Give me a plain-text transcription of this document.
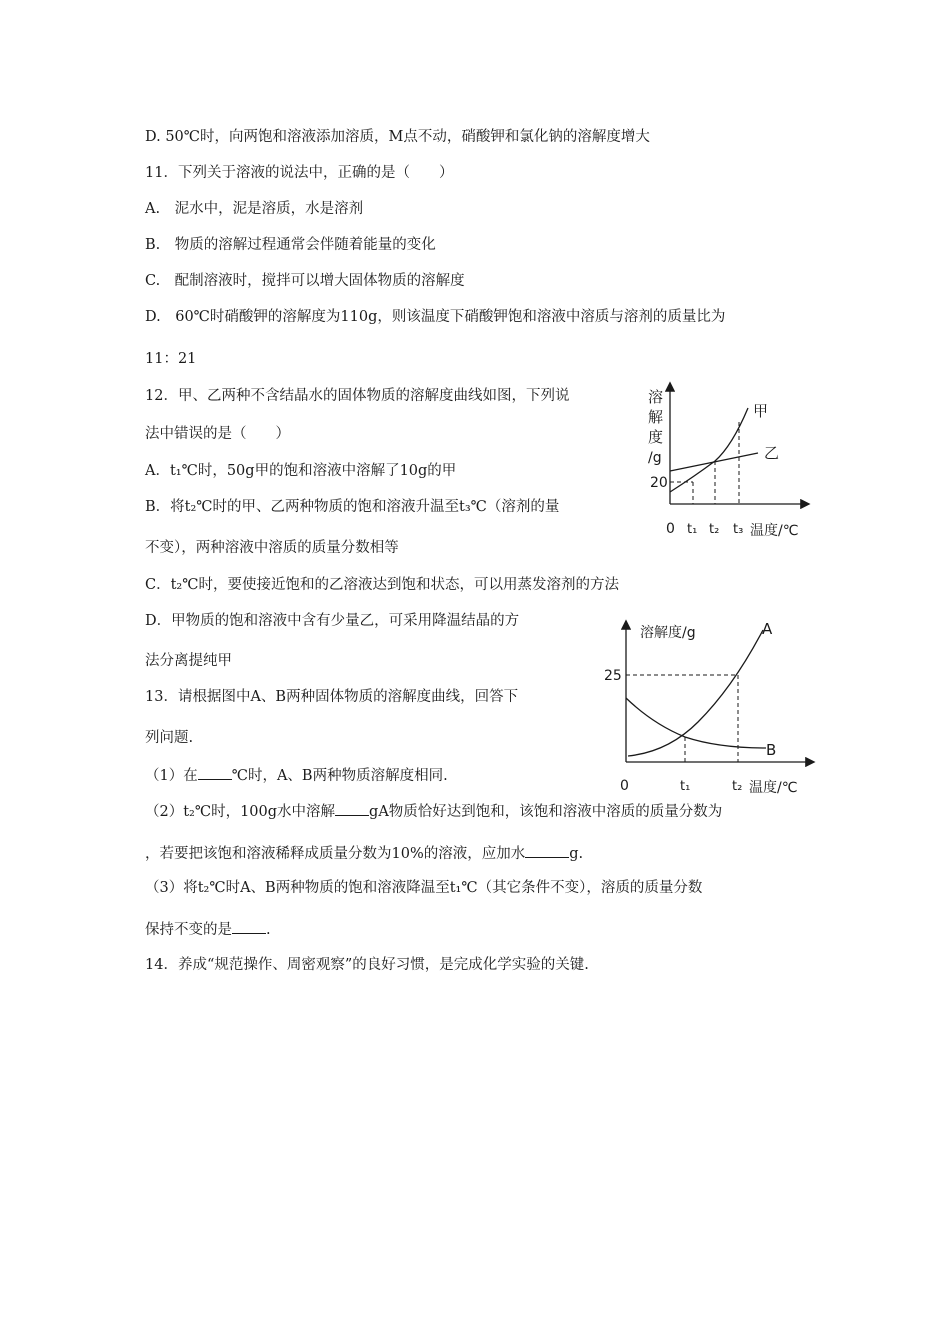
D. 50℃时，向两饱和溶液添加溶质，M点不动，硝酸钾和氯化钠的溶解度增大
11．下列关于溶液的说法中，正确的是（　　）
A.　泥水中，泥是溶质，水是溶剂
B.　物质的溶解过程通常会伴随着能量的变化
C.　配制溶液时，搅拌可以增大固体物质的溶解度
D.　60℃时硝酸钾的溶解度为110g，则该温度下硝酸钾饱和溶液中溶质与溶剂的质量比为
11：21
12．甲、乙两种不含结晶水的固体物质的溶解度曲线如图，下列说
法中错误的是（　　）
A．t₁℃时，50g甲的饱和溶液中溶解了10g的甲
B．将t₂℃时的甲、乙两种物质的饱和溶液升温至t₃℃（溶剂的量
不变），两种溶液中溶质的质量分数相等
C．t₂℃时，要使接近饱和的乙溶液达到饱和状态，可以用蒸发溶剂的方法
D．甲物质的饱和溶液中含有少量乙，可采用降温结晶的方
法分离提纯甲
13．请根据图中A、B两种固体物质的溶解度曲线，回答下
列问题.
（1）在 ℃时，A、B两种物质溶解度相同.
（2）t₂℃时，100g水中溶解 gA物质恰好达到饱和，该饱和溶液中溶质的质量分数为
，若要把该饱和溶液稀释成质量分数为10%的溶液，应加水	g.
（3）将t₂℃时A、B两种物质的饱和溶液降温至t₁℃（其它条件不变），溶质的质量分数
保持不变的是 .
14．养成“规范操作、周密观察”的良好习惯，是完成化学实验的关键.
溶
解
度
/g
20
0
甲
乙
t₁ t₂ t₃ 温度/℃
溶解度/g
25
0
A
B
t₁	t₂ 温度/℃
